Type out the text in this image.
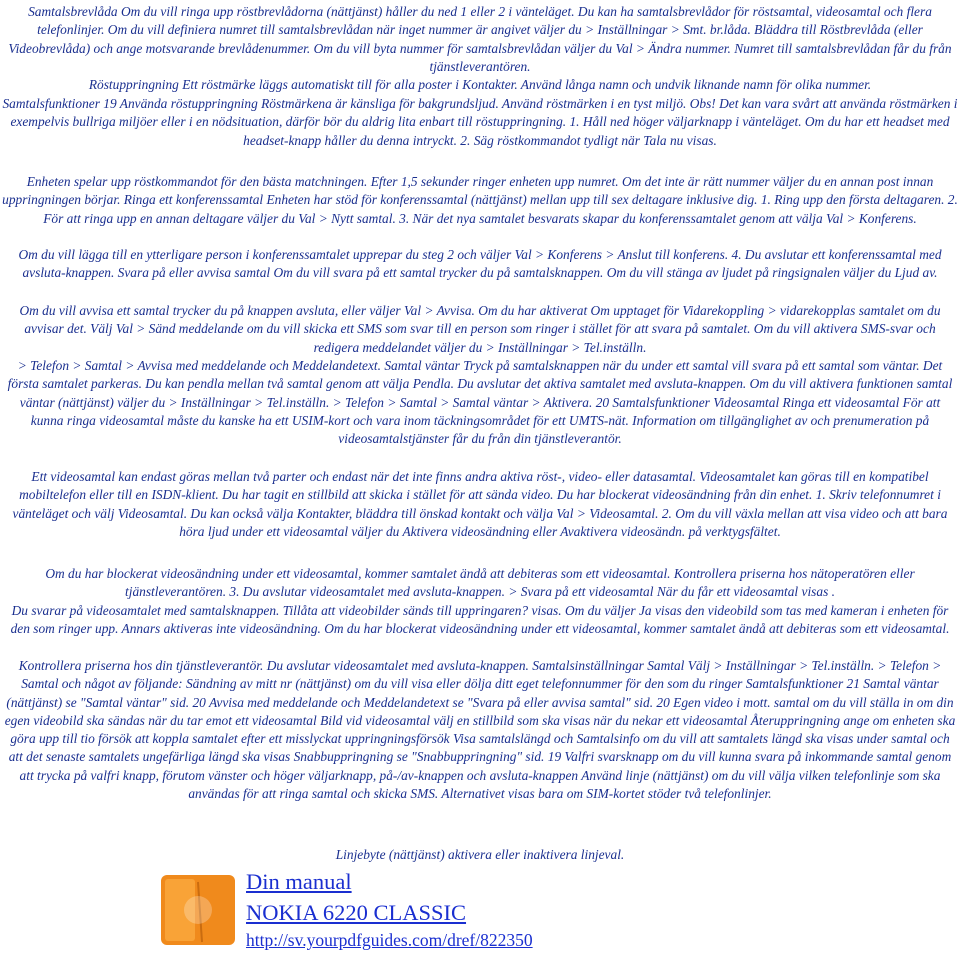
Samtalsbrevlåda Om du vill ringa upp röstbrevlådorna (nättjänst) håller du ned 1 eller 2 i vänteläget. Du kan ha samtalsbrevlådor för röstsamtal, videosamtal och flera telefonlinjer. Om du vill definiera numret till samtalsbrevlådan när inget nummer är angivet väljer du > Inställningar > Smt. br.låda. Bläddra till Röstbrevlåda (eller Videobrevlåda) och ange motsvarande brevlådenummer. Om du vill byta nummer för samtalsbrevlådan väljer du Val > Ändra nummer. Numret till samtalsbrevlådan får du från tjänstleverantören.

Röstuppringning Ett röstmärke läggs automatiskt till för alla poster i Kontakter. Använd långa namn och undvik liknande namn för olika nummer.

Samtalsfunktioner 19 Använda röstuppringning Röstmärkena är känsliga för bakgrundsljud. Använd röstmärken i en tyst miljö. Obs! Det kan vara svårt att använda röstmärken i exempelvis bullriga miljöer eller i en nödsituation, därför bör du aldrig lita enbart till röstuppringning. 1. Håll ned höger väljarknapp i vänteläget. Om du har ett headset med headset-knapp håller du denna intryckt. 2. Säg röstkommandot tydligt när Tala nu visas.

Enheten spelar upp röstkommandot för den bästa matchningen. Efter 1,5 sekunder ringer enheten upp numret. Om det inte är rätt nummer väljer du en annan post innan uppringningen börjar. Ringa ett konferenssamtal Enheten har stöd för konferenssamtal (nättjänst) mellan upp till sex deltagare inklusive dig. 1. Ring upp den första deltagaren. 2. För att ringa upp en annan deltagare väljer du Val > Nytt samtal. 3. När det nya samtalet besvarats skapar du konferenssamtalet genom att välja Val > Konferens.

Om du vill lägga till en ytterligare person i konferenssamtalet upprepar du steg 2 och väljer Val > Konferens > Anslut till konferens. 4. Du avslutar ett konferenssamtal med avsluta-knappen. Svara på eller avvisa samtal Om du vill svara på ett samtal trycker du på samtalsknappen. Om du vill stänga av ljudet på ringsignalen väljer du Ljud av.

Om du vill avvisa ett samtal trycker du på knappen avsluta, eller väljer Val > Avvisa. Om du har aktiverat Om upptaget för Vidarekoppling > vidarekopplas samtalet om du avvisar det. Välj Val > Sänd meddelande om du vill skicka ett SMS som svar till en person som ringer i stället för att svara på samtalet. Om du vill aktivera SMS-svar och redigera meddelandet väljer du > Inställningar > Tel.inställn.

> Telefon > Samtal > Avvisa med meddelande och Meddelandetext. Samtal väntar Tryck på samtalsknappen när du under ett samtal vill svara på ett samtal som väntar. Det första samtalet parkeras. Du kan pendla mellan två samtal genom att välja Pendla. Du avslutar det aktiva samtalet med avsluta-knappen. Om du vill aktivera funktionen samtal väntar (nättjänst) väljer du > Inställningar > Tel.inställn. > Telefon > Samtal > Samtal väntar > Aktivera. 20 Samtalsfunktioner Videosamtal Ringa ett videosamtal För att kunna ringa videosamtal måste du kanske ha ett USIM-kort och vara inom täckningsområdet för ett UMTS-nät. Information om tillgänglighet av och prenumeration på videosamtalstjänster får du från din tjänstleverantör.

Ett videosamtal kan endast göras mellan två parter och endast när det inte finns andra aktiva röst-, video- eller datasamtal. Videosamtalet kan göras till en kompatibel mobiltelefon eller till en ISDN-klient. Du har tagit en stillbild att skicka i stället för att sända video. Du har blockerat videosändning från din enhet. 1. Skriv telefonnumret i vänteläget och välj Videosamtal. Du kan också välja Kontakter, bläddra till önskad kontakt och välja Val > Videosamtal. 2. Om du vill växla mellan att visa video och att bara höra ljud under ett videosamtal väljer du Aktivera videosändning eller Avaktivera videosändn. på verktygsfältet.

Om du har blockerat videosändning under ett videosamtal, kommer samtalet ändå att debiteras som ett videosamtal. Kontrollera priserna hos nätoperatören eller tjänstleverantören. 3. Du avslutar videosamtalet med avsluta-knappen. > Svara på ett videosamtal När du får ett videosamtal visas .

Du svarar på videosamtalet med samtalsknappen. Tillåta att videobilder sänds till uppringaren? visas. Om du väljer Ja visas den videobild som tas med kameran i enheten för den som ringer upp. Annars aktiveras inte videosändning. Om du har blockerat videosändning under ett videosamtal, kommer samtalet ändå att debiteras som ett videosamtal.

Kontrollera priserna hos din tjänstleverantör. Du avslutar videosamtalet med avsluta-knappen. Samtalsinställningar Samtal Välj > Inställningar > Tel.inställn. > Telefon > Samtal och något av följande: Sändning av mitt nr (nättjänst) om du vill visa eller dölja ditt eget telefonnummer för den som du ringer Samtalsfunktioner 21 Samtal väntar (nättjänst) se "Samtal väntar" sid. 20 Avvisa med meddelande och Meddelandetext se "Svara på eller avvisa samtal" sid. 20 Egen video i mott. samtal om du vill ställa in om din egen videobild ska sändas när du tar emot ett videosamtal Bild vid videosamtal välj en stillbild som ska visas när du nekar ett videosamtal Återuppringning ange om enheten ska göra upp till tio försök att koppla samtalet efter ett misslyckat uppringningsförsök Visa samtalslängd och Samtalsinfo om du vill att samtalets längd ska visas under samtal och att det senaste samtalets ungefärliga längd ska visas Snabbuppringning se "Snabbuppringning" sid. 19 Valfri svarsknapp om du vill kunna svara på inkommande samtal genom att trycka på valfri knapp, förutom vänster och höger väljarknapp, på-/av-knappen och avsluta-knappen Använd linje (nättjänst) om du vill välja vilken telefonlinje som ska användas för att ringa samtal och skicka SMS. Alternativet visas bara om SIM-kortet stöder två telefonlinjer.

Linjebyte (nättjänst) aktivera eller inaktivera linjeval.
Din manual
NOKIA 6220 CLASSIC
http://sv.yourpdfguides.com/dref/822350
